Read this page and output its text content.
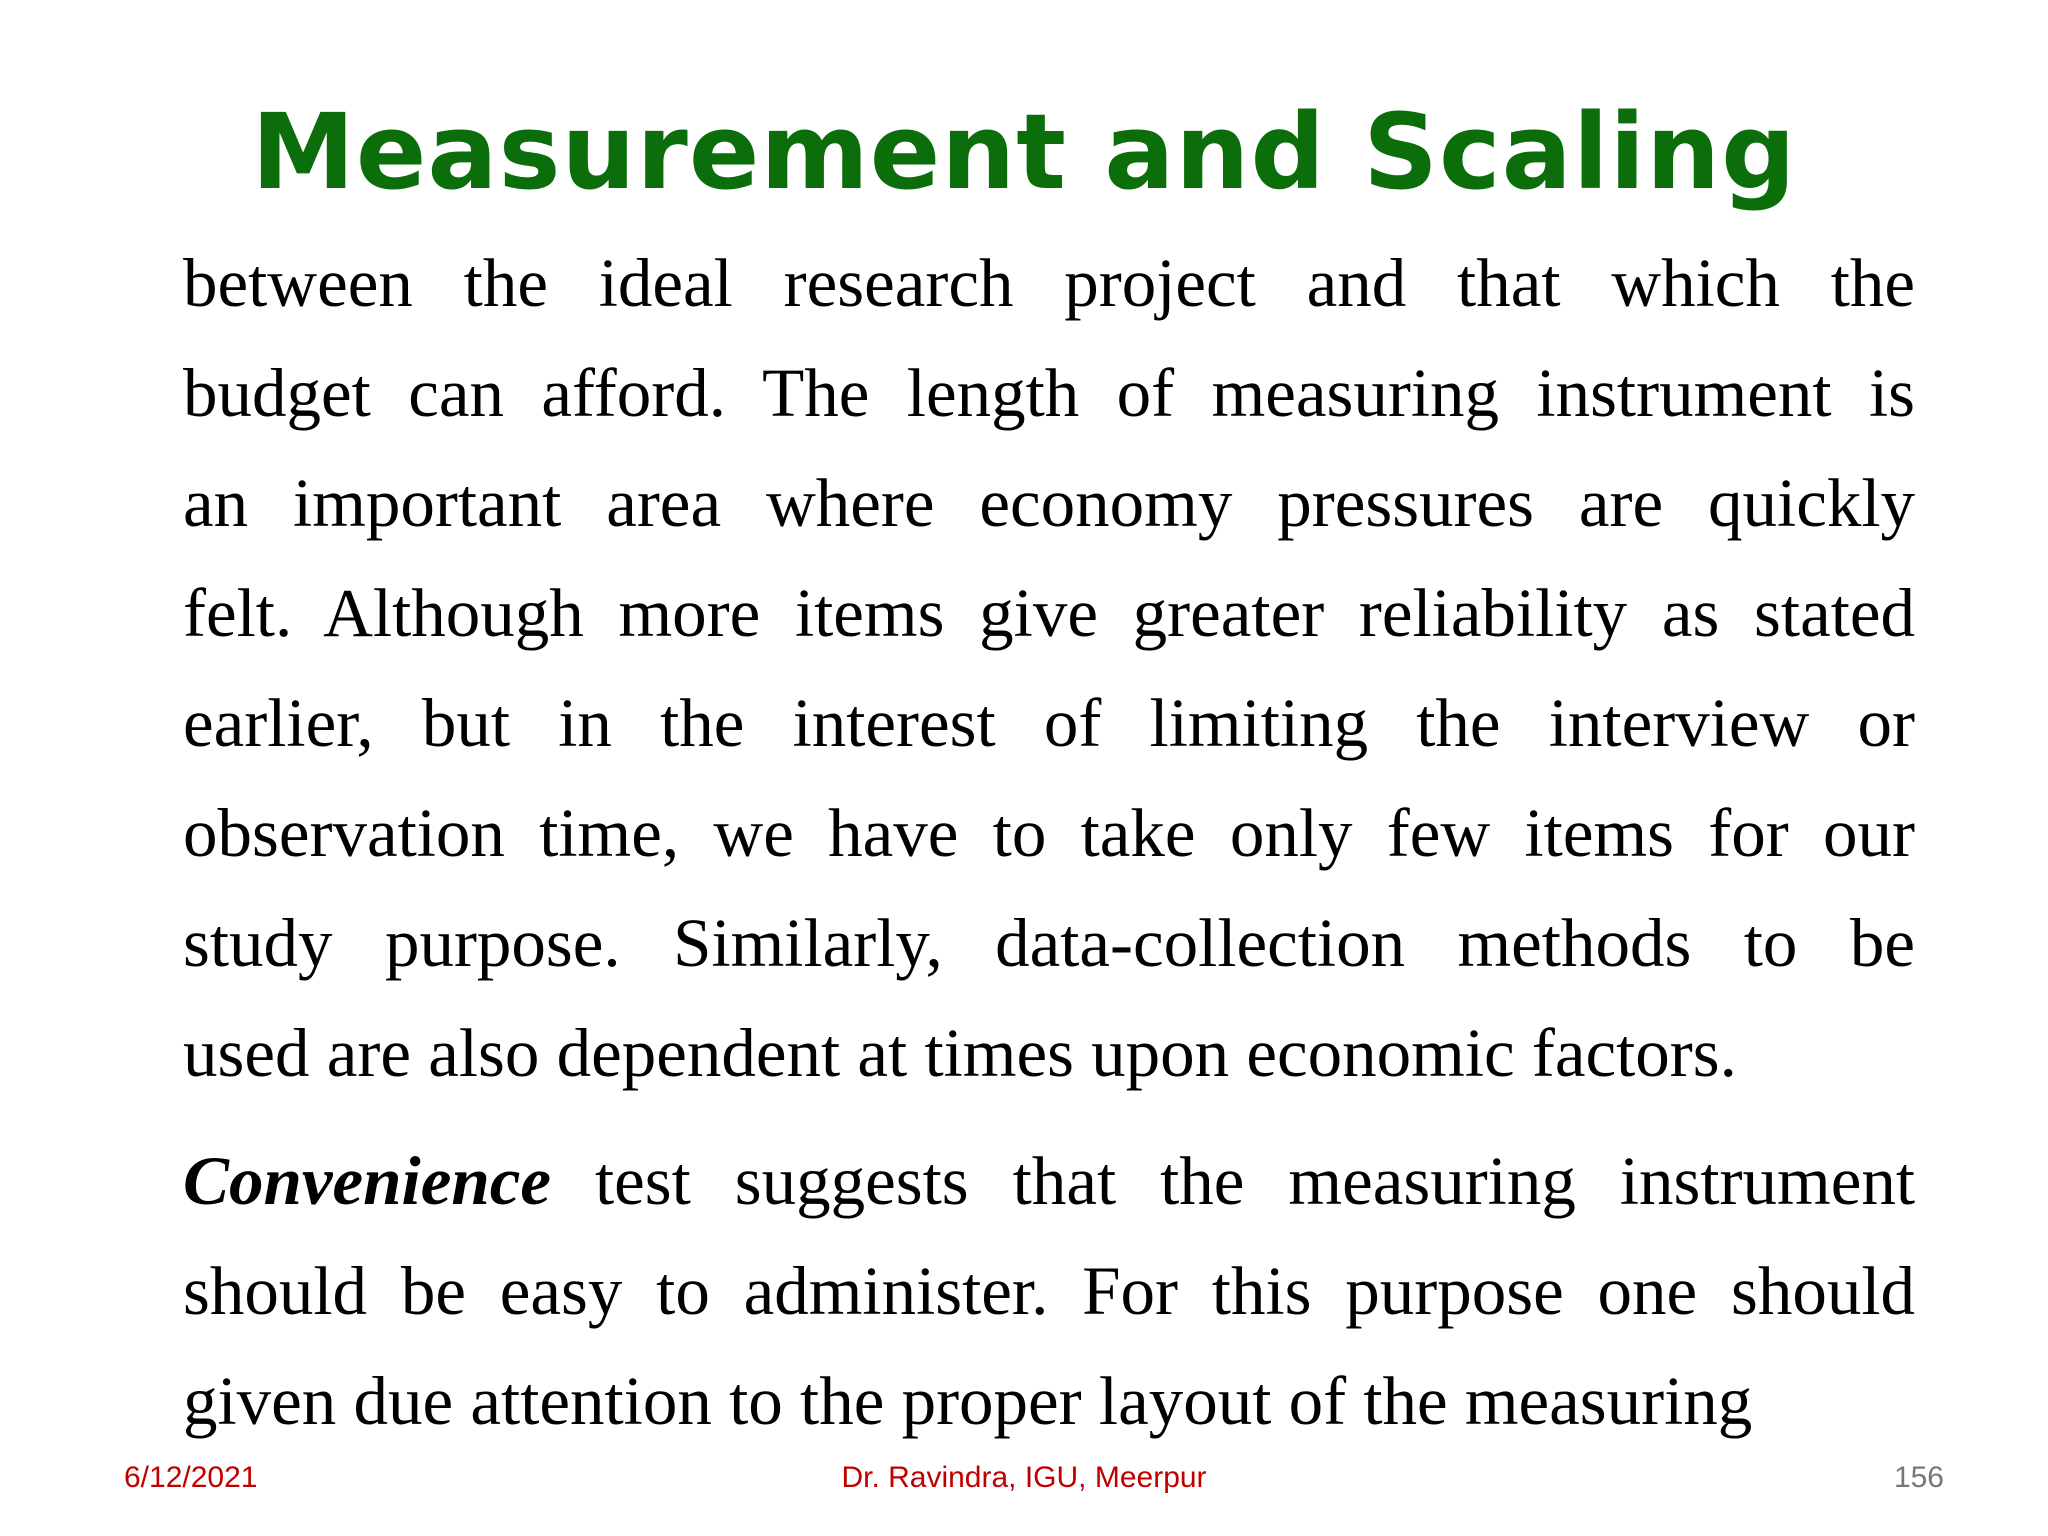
Measurement and Scaling
between the ideal research project and that which the
budget can afford. The length of measuring instrument is
an important area where economy pressures are quickly
felt. Although more items give greater reliability as stated
earlier, but in the interest of limiting the interview or
observation time, we have to take only few items for our
study purpose. Similarly, data-collection methods to be
used are also dependent at times upon economic factors.
Convenience test suggests that the measuring instrument
should be easy to administer. For this purpose one should
given due attention to the proper layout of the measuring
Dr. Ravindra, IGU, Meerpur
6/12/2021	156
